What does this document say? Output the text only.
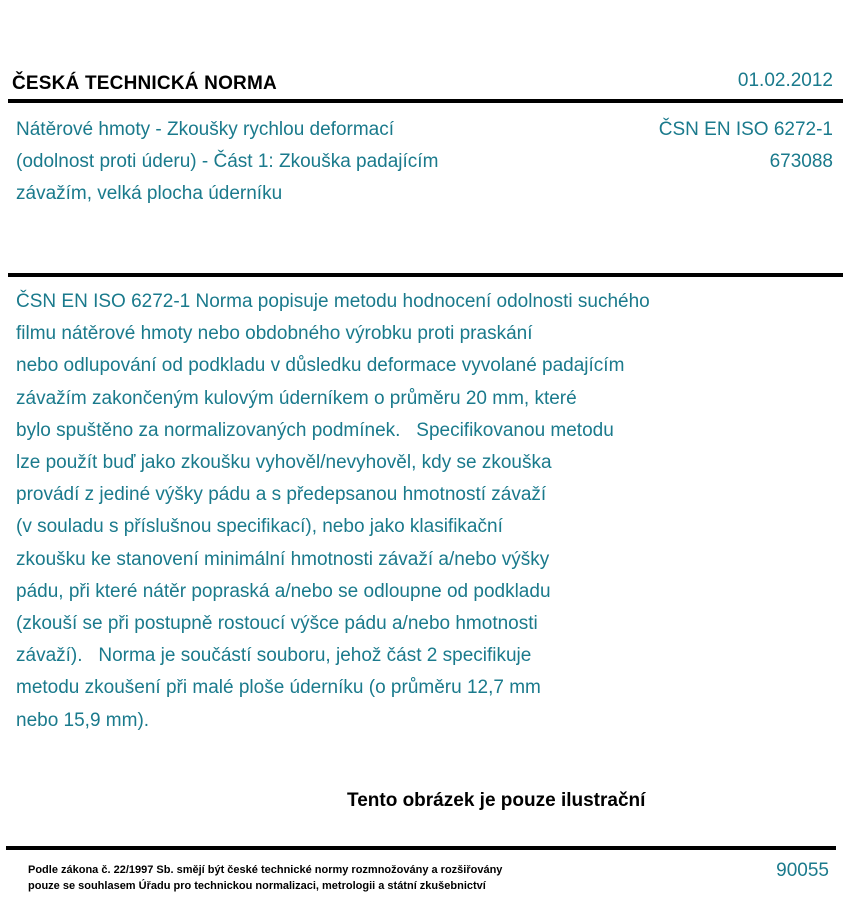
ČESKÁ TECHNICKÁ NORMA	01.02.2012
Nátěrové hmoty - Zkoušky rychlou deformací
(odolnost proti úderu) - Část 1: Zkouška padajícím
závažím, velká plocha úderníku
ČSN EN ISO 6272-1
673088
ČSN EN ISO 6272-1 Norma popisuje metodu hodnocení odolnosti suchého
filmu nátěrové hmoty nebo obdobného výrobku proti praskání
nebo odlupování od podkladu v důsledku deformace vyvolané padajícím
závažím zakončeným kulovým úderníkem o průměru 20 mm, které
bylo spuštěno za normalizovaných podmínek.   Specifikovanou metodu
lze použít buď jako zkoušku vyhověl/nevyhověl, kdy se zkouška
provádí z jediné výšky pádu a s předepsanou hmotností závaží
(v souladu s příslušnou specifikací), nebo jako klasifikační
zkoušku ke stanovení minimální hmotnosti závaží a/nebo výšky
pádu, při které nátěr popraská a/nebo se odloupne od podkladu
(zkouší se při postupně rostoucí výšce pádu a/nebo hmotnosti
závaží).   Norma je součástí souboru, jehož část 2 specifikuje
metodu zkoušení při malé ploše úderníku (o průměru 12,7 mm
nebo 15,9 mm).
Tento obrázek je pouze ilustrační
Podle zákona č. 22/1997 Sb. smějí být české technické normy rozmnožovány a rozšiřovány
pouze se souhlasem Úřadu pro technickou normalizaci, metrologii a státní zkušebnictví
90055
